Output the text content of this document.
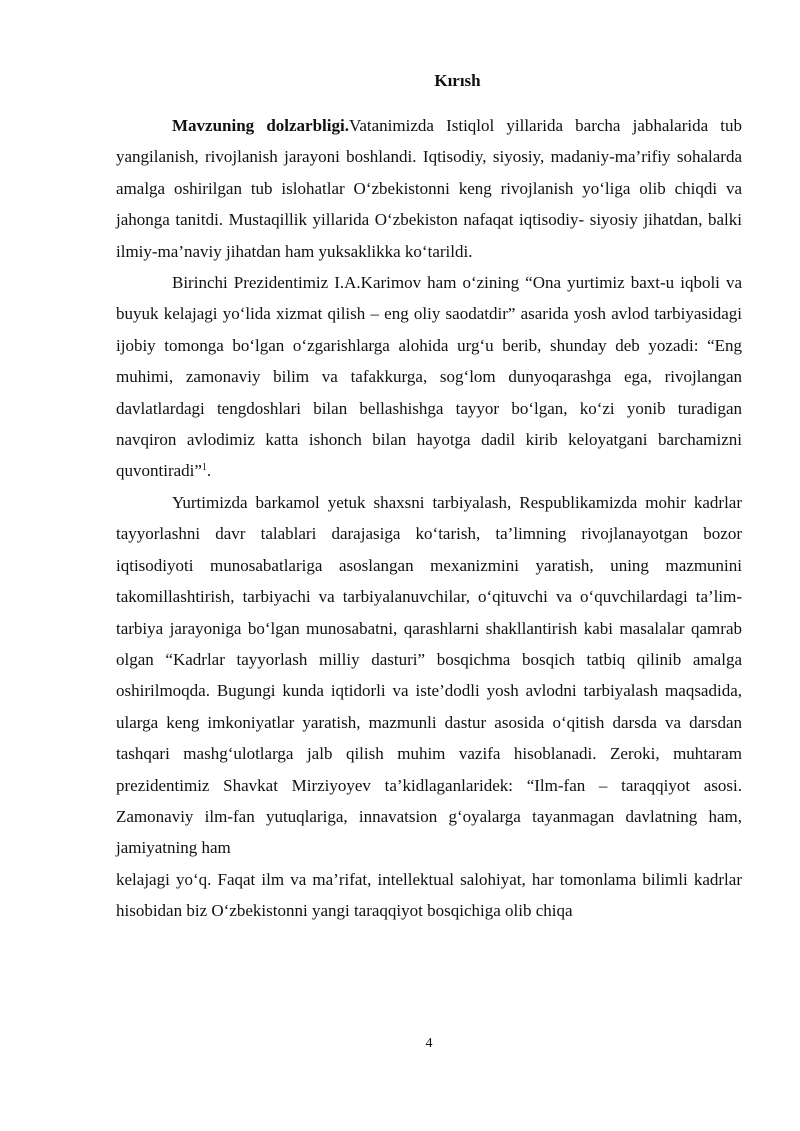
Kırısh

Mavzuning dolzarbligi.Vatanimizda Istiqlol yillarida barcha jabhalarida tub yangilanish, rivojlanish jarayoni boshlandi. Iqtisodiy, siyosiy, madaniy-ma’rifiy sohalarda amalga oshirilgan tub islohatlar O‘zbekistonni keng rivojlanish yo‘liga olib chiqdi va jahonga tanitdi. Mustaqillik yillarida O‘zbekiston nafaqat iqtisodiy- siyosiy jihatdan, balki ilmiy-ma’naviy jihatdan ham yuksaklikka ko‘tarildi.

Birinchi Prezidentimiz I.A.Karimov ham o‘zining “Ona yurtimiz baxt-u iqboli va buyuk kelajagi yo‘lida xizmat qilish – eng oliy saodatdir” asarida yosh avlod tarbiyasidagi ijobiy tomonga bo‘lgan o‘zgarishlarga alohida urg‘u berib, shunday deb yozadi: “Eng muhimi, zamonaviy bilim va tafakkurga, sog‘lom dunyoqarashga ega, rivojlangan davlatlardagi tengdoshlari bilan bellashishga tayyor bo‘lgan, ko‘zi yonib turadigan navqiron avlodimiz katta ishonch bilan hayotga dadil kirib keloyatgani barchamizni quvontiradi”$^1$.

Yurtimizda barkamol yetuk shaxsni tarbiyalash, Respublikamizda mohir kadrlar tayyorlashni davr talablari darajasiga ko‘tarish, ta’limning rivojlanayotgan bozor iqtisodiyoti munosabatlariga asoslangan mexanizmini yaratish, uning mazmunini takomillashtirish, tarbiyachi va tarbiyalanuvchilar, o‘qituvchi va o‘quvchilardagi ta’lim-tarbiya jarayoniga bo‘lgan munosabatni, qarashlarni shakllantirish kabi masalalar qamrab olgan “Kadrlar tayyorlash milliy dasturi” bosqichma bosqich tatbiq qilinib amalga oshirilmoqda. Bugungi kunda iqtidorli va iste’dodli yosh avlodni tarbiyalash maqsadida, ularga keng imkoniyatlar yaratish, mazmunli dastur asosida o‘qitish darsda va darsdan tashqari mashg‘ulotlarga jalb qilish muhim vazifa hisoblanadi. Zeroki, muhtaram prezidentimiz Shavkat Mirziyoyev ta’kidlaganlaridek: “Ilm-fan – taraqqiyot asosi. Zamonaviy ilm-fan yutuqlariga, innavatsion g‘oyalarga tayanmagan davlatning ham, jamiyatning ham

kelajagi yo‘q. Faqat ilm va ma’rifat, intellektual salohiyat, har tomonlama bilimli kadrlar hisobidan biz O‘zbekistonni yangi taraqqiyot bosqichiga olib chiqa

4
